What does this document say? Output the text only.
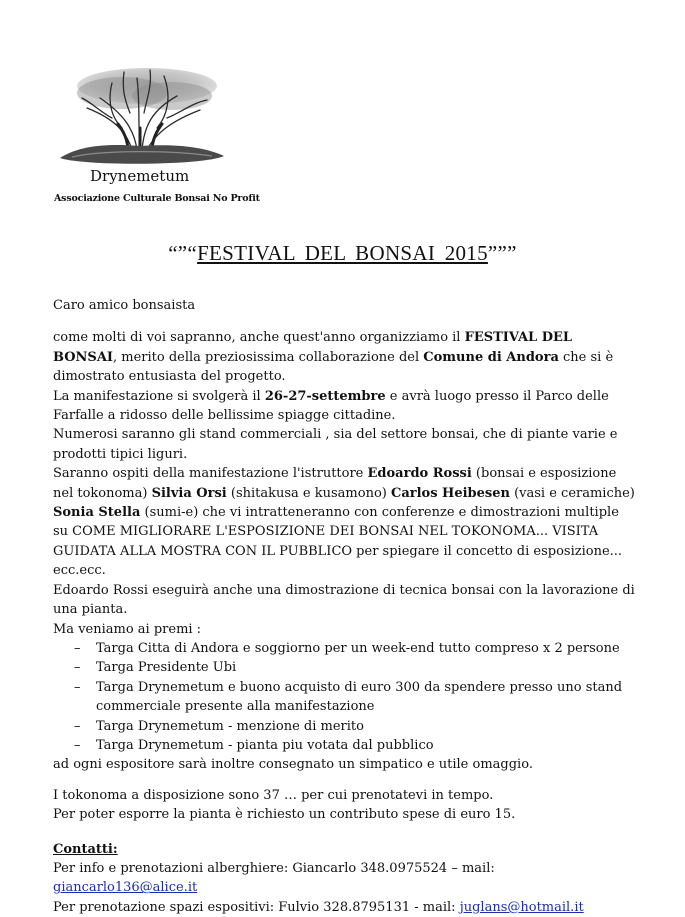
Drynemetum
Associazione Culturale Bonsai No Profit
“”“FESTIVAL DEL BONSAI 2015”””

Caro amico bonsaista

come molti di voi sapranno, anche quest'anno organizziamo il FESTIVAL DEL BONSAI, merito della preziosissima collaborazione del Comune di Andora che si è dimostrato entusiasta del progetto.

La manifestazione si svolgerà il 26-27-settembre e avrà luogo presso il Parco delle Farfalle a ridosso delle bellissime spiagge cittadine.

Numerosi saranno gli stand commerciali , sia del settore bonsai, che di piante varie e prodotti tipici liguri.

Saranno ospiti della manifestazione l'istruttore Edoardo Rossi (bonsai e esposizione nel tokonoma) Silvia Orsi (shitakusa e kusamono) Carlos Heibesen (vasi e ceramiche) Sonia Stella (sumi-e) che vi intratteneranno con conferenze e dimostrazioni multiple su COME MIGLIORARE L'ESPOSIZIONE DEI BONSAI NEL TOKONOMA... VISITA GUIDATA ALLA MOSTRA CON IL PUBBLICO per spiegare il concetto di esposizione... ecc.ecc.

Edoardo Rossi eseguirà anche una dimostrazione di tecnica bonsai con la lavorazione di una pianta.

Ma veniamo ai premi :

– Targa Citta di Andora e soggiorno per un week-end tutto compreso x 2 persone
– Targa Presidente Ubi
– Targa Drynemetum e buono acquisto di euro 300 da spendere presso uno stand commerciale presente alla manifestazione
– Targa Drynemetum - menzione di merito
– Targa Drynemetum - pianta piu votata dal pubblico

ad ogni espositore sarà inoltre consegnato un simpatico e utile omaggio.

I tokonoma a disposizione sono 37 … per cui prenotatevi in tempo.

Per poter esporre la pianta è richiesto un contributo spese di euro 15.

Contatti:

Per info e prenotazioni alberghiere: Giancarlo 348.0975524 – mail: giancarlo136@alice.it

Per prenotazione spazi espositivi: Fulvio 328.8795131 - mail: juglans@hotmail.it
